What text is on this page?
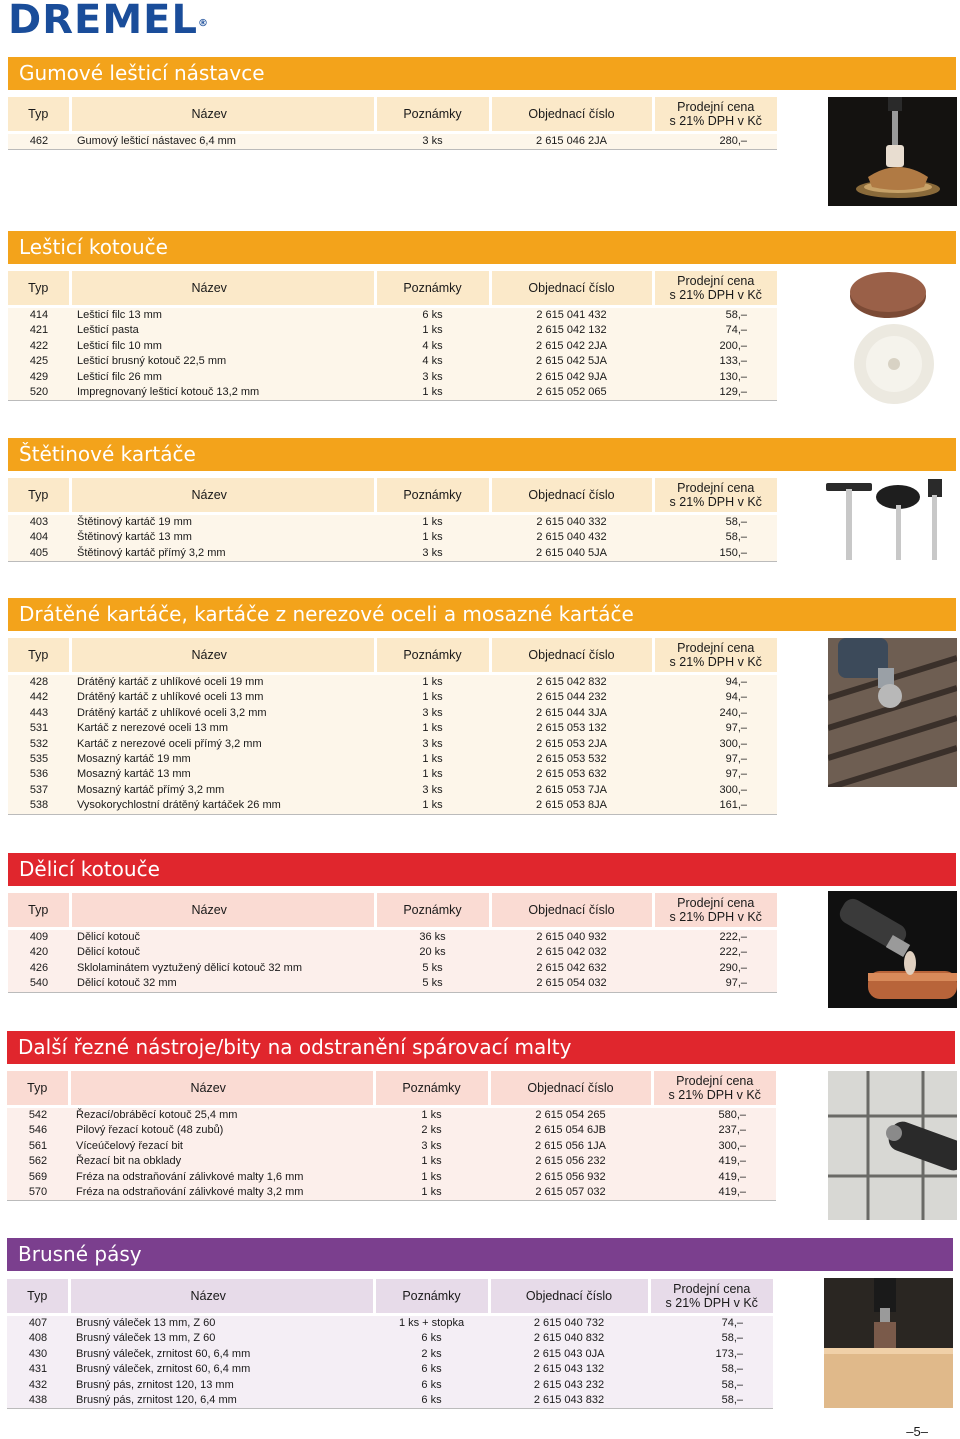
DREMEL®
Gumové lešticí nástavce
Typ	Název	Poznámky	Objednací číslo	Prodejní cena
s 21% DPH v Kč
462	Gumový lešticí nástavec 6,4 mm	3 ks	2 615 046 2JA	280,–
Lešticí kotouče
Typ	Název	Poznámky	Objednací číslo	Prodejní cena
s 21% DPH v Kč
414	Lešticí filc 13 mm	6 ks	2 615 041 432	58,–
421	Lešticí pasta	1 ks	2 615 042 132	74,–
422	Lešticí filc 10 mm	4 ks	2 615 042 2JA	200,–
425	Lešticí brusný kotouč 22,5 mm	4 ks	2 615 042 5JA	133,–
429	Lešticí filc 26 mm	3 ks	2 615 042 9JA	130,–
520	Impregnovaný lešticí kotouč 13,2 mm	1 ks	2 615 052 065	129,–
Štětinové kartáče
Typ	Název	Poznámky	Objednací číslo	Prodejní cena
s 21% DPH v Kč
403	Štětinový kartáč 19 mm	1 ks	2 615 040 332	58,–
404	Štětinový kartáč 13 mm	1 ks	2 615 040 432	58,–
405	Štětinový kartáč přímý 3,2 mm	3 ks	2 615 040 5JA	150,–
Drátěné kartáče, kartáče z nerezové oceli a mosazné kartáče
Typ	Název	Poznámky	Objednací číslo	Prodejní cena
s 21% DPH v Kč
428	Drátěný kartáč z uhlíkové oceli 19 mm	1 ks	2 615 042 832	94,–
442	Drátěný kartáč z uhlíkové oceli 13 mm	1 ks	2 615 044 232	94,–
443	Drátěný kartáč z uhlíkové oceli 3,2 mm	3 ks	2 615 044 3JA	240,–
531	Kartáč z nerezové oceli 13 mm	1 ks	2 615 053 132	97,–
532	Kartáč z nerezové oceli přímý 3,2 mm	3 ks	2 615 053 2JA	300,–
535	Mosazný kartáč 19 mm	1 ks	2 615 053 532	97,–
536	Mosazný kartáč 13 mm	1 ks	2 615 053 632	97,–
537	Mosazný kartáč přímý 3,2 mm	3 ks	2 615 053 7JA	300,–
538	Vysokorychlostní drátěný kartáček 26 mm	1 ks	2 615 053 8JA	161,–
Dělicí kotouče
Typ	Název	Poznámky	Objednací číslo	Prodejní cena
s 21% DPH v Kč
409	Dělicí kotouč	36 ks	2 615 040 932	222,–
420	Dělicí kotouč	20 ks	2 615 042 032	222,–
426	Sklolaminátem vyztužený dělicí kotouč 32 mm	5 ks	2 615 042 632	290,–
540	Dělicí kotouč 32 mm	5 ks	2 615 054 032	97,–
Další řezné nástroje/bity na odstranění spárovací malty
Typ	Název	Poznámky	Objednací číslo	Prodejní cena
s 21% DPH v Kč
542	Řezací/obráběcí kotouč 25,4 mm	1 ks	2 615 054 265	580,–
546	Pilový řezací kotouč (48 zubů)	2 ks	2 615 054 6JB	237,–
561	Víceúčelový řezací bit	3 ks	2 615 056 1JA	300,–
562	Řezací bit na obklady	1 ks	2 615 056 232	419,–
569	Fréza na odstraňování zálivkové malty 1,6 mm	1 ks	2 615 056 932	419,–
570	Fréza na odstraňování zálivkové malty 3,2 mm	1 ks	2 615 057 032	419,–
Brusné pásy
Typ	Název	Poznámky	Objednací číslo	Prodejní cena
s 21% DPH v Kč
407	Brusný váleček 13 mm, Z 60	1 ks + stopka	2 615 040 732	74,–
408	Brusný váleček 13 mm, Z 60	6 ks	2 615 040 832	58,–
430	Brusný váleček, zrnitost 60, 6,4 mm	2 ks	2 615 043 0JA	173,–
431	Brusný váleček, zrnitost 60, 6,4 mm	6 ks	2 615 043 132	58,–
432	Brusný pás, zrnitost 120, 13 mm	6 ks	2 615 043 232	58,–
438	Brusný pás, zrnitost 120, 6,4 mm	6 ks	2 615 043 832	58,–
–5–
